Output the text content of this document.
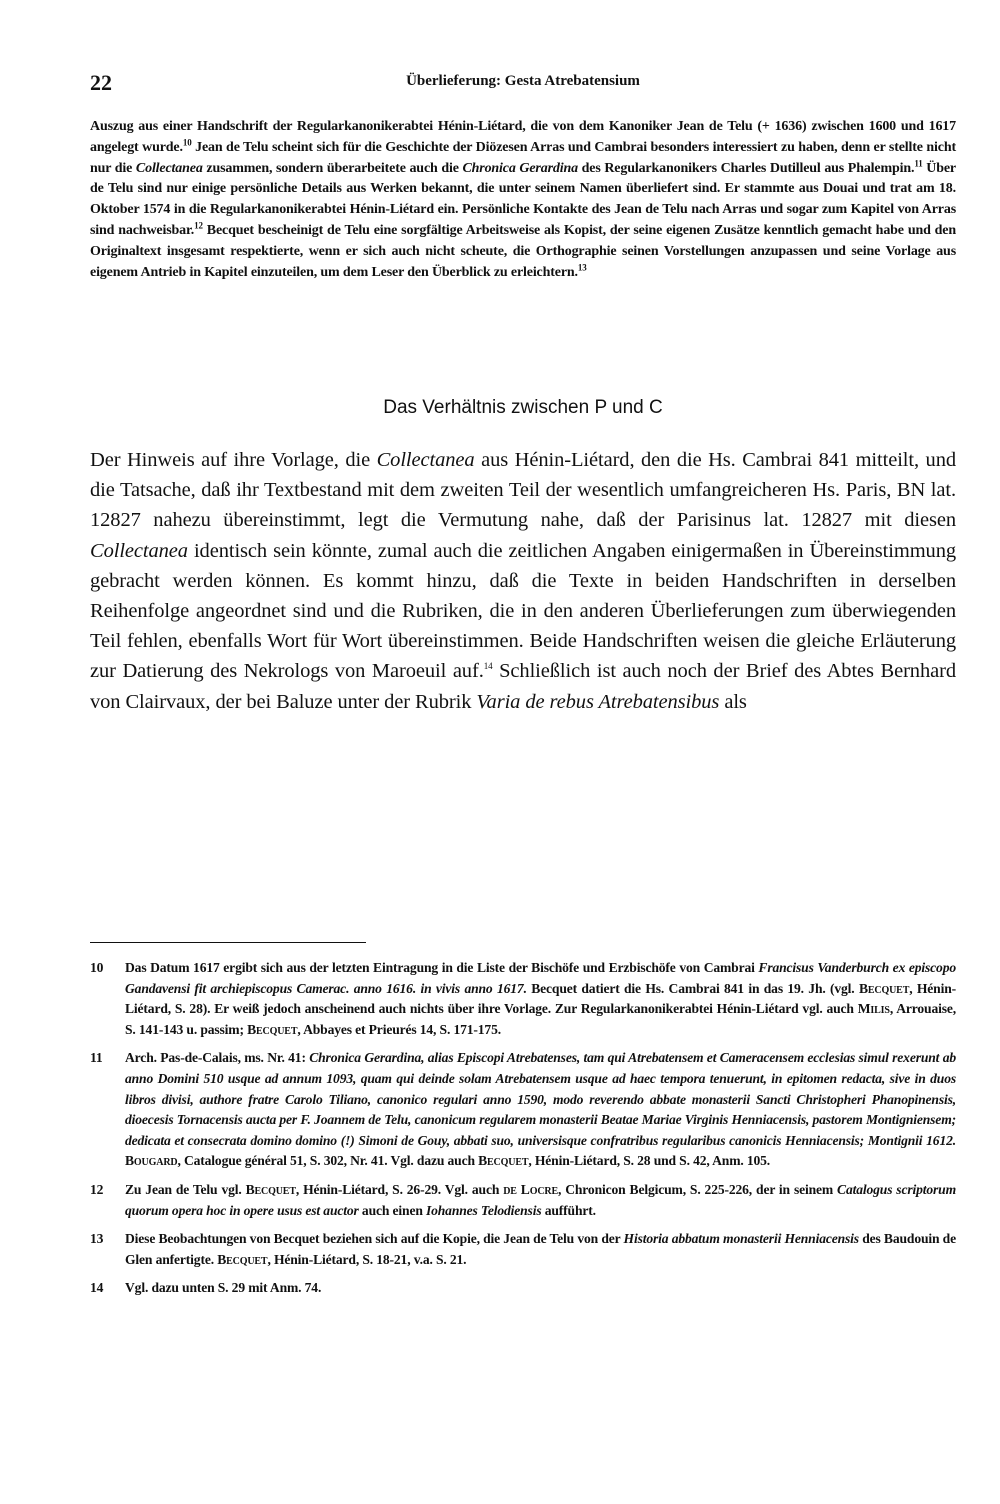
22	Überlieferung: Gesta Atrebatensium

Auszug aus einer Handschrift der Regularkanonikerabtei Hénin-Liétard, die von dem Kanoniker Jean de Telu (+ 1636) zwischen 1600 und 1617 angelegt wurde.$^{10}$ Jean de Telu scheint sich für die Geschichte der Diözesen Arras und Cambrai besonders interessiert zu haben, denn er stellte nicht nur die Collectanea zusammen, sondern überarbeitete auch die Chronica Gerardina des Regularkanonikers Charles Dutilleul aus Phalempin.$^{11}$ Über de Telu sind nur einige persönliche Details aus Werken bekannt, die unter seinem Namen überliefert sind. Er stammte aus Douai und trat am 18. Oktober 1574 in die Regularkanonikerabtei Hénin-Liétard ein. Persönliche Kontakte des Jean de Telu nach Arras und sogar zum Kapitel von Arras sind nachweisbar.$^{12}$ Becquet bescheinigt de Telu eine sorgfältige Arbeitsweise als Kopist, der seine eigenen Zusätze kenntlich gemacht habe und den Originaltext insgesamt respektierte, wenn er sich auch nicht scheute, die Orthographie seinen Vorstellungen anzupassen und seine Vorlage aus eigenem Antrieb in Kapitel einzuteilen, um dem Leser den Überblick zu erleichtern.$^{13}$

Das Verhältnis zwischen P und C

Der Hinweis auf ihre Vorlage, die Collectanea aus Hénin-Liétard, den die Hs. Cambrai 841 mitteilt, und die Tatsache, daß ihr Textbestand mit dem zweiten Teil der wesentlich umfangreicheren Hs. Paris, BN lat. 12827 nahezu übereinstimmt, legt die Vermutung nahe, daß der Parisinus lat. 12827 mit diesen Collectanea identisch sein könnte, zumal auch die zeitlichen Angaben einigermaßen in Übereinstimmung gebracht werden können. Es kommt hinzu, daß die Texte in beiden Handschriften in derselben Reihenfolge angeordnet sind und die Rubriken, die in den anderen Überlieferungen zum überwiegenden Teil fehlen, ebenfalls Wort für Wort übereinstimmen. Beide Handschriften weisen die gleiche Erläuterung zur Datierung des Nekrologs von Maroeuil auf.$^{14}$ Schließlich ist auch noch der Brief des Abtes Bernhard von Clairvaux, der bei Baluze unter der Rubrik Varia de rebus Atrebatensibus als

10 Das Datum 1617 ergibt sich aus der letzten Eintragung in die Liste der Bischöfe und Erzbischöfe von Cambrai Francisus Vanderburch ex episcopo Gandavensi fit archiepiscopus Camerac. anno 1616. in vivis anno 1617. Becquet datiert die Hs. Cambrai 841 in das 19. Jh. (vgl. Becquet, Hénin-Liétard, S. 28). Er weiß jedoch anscheinend auch nichts über ihre Vorlage. Zur Regularkanonikerabtei Hénin-Liétard vgl. auch Milis, Arrouaise, S. 141-143 u. passim; Becquet, Abbayes et Prieurés 14, S. 171-175.
11 Arch. Pas-de-Calais, ms. Nr. 41: Chronica Gerardina, alias Episcopi Atrebatenses, tam qui Atrebatensem et Cameracensem ecclesias simul rexerunt ab anno Domini 510 usque ad annum 1093, quam qui deinde solam Atrebatensem usque ad haec tempora tenuerunt, in epitomen redacta, sive in duos libros divisi, authore fratre Carolo Tiliano, canonico regulari anno 1590, modo reverendo abbate monasterii Sancti Christopheri Phanopinensis, dioecesis Tornacensis aucta per F. Joannem de Telu, canonicum regularem monasterii Beatae Mariae Virginis Henniacensis, pastorem Montigniensem; dedicata et consecrata domino domino (!) Simoni de Gouy, abbati suo, universisque confratribus regularibus canonicis Henniacensis; Montignii 1612. Bougard, Catalogue général 51, S. 302, Nr. 41. Vgl. dazu auch Becquet, Hénin-Liétard, S. 28 und S. 42, Anm. 105.
12 Zu Jean de Telu vgl. Becquet, Hénin-Liétard, S. 26-29. Vgl. auch de Locre, Chronicon Belgicum, S. 225-226, der in seinem Catalogus scriptorum quorum opera hoc in opere usus est auctor auch einen Iohannes Telodiensis aufführt.
13 Diese Beobachtungen von Becquet beziehen sich auf die Kopie, die Jean de Telu von der Historia abbatum monasterii Henniacensis des Baudouin de Glen anfertigte. Becquet, Hénin-Liétard, S. 18-21, v.a. S. 21.
14 Vgl. dazu unten S. 29 mit Anm. 74.
